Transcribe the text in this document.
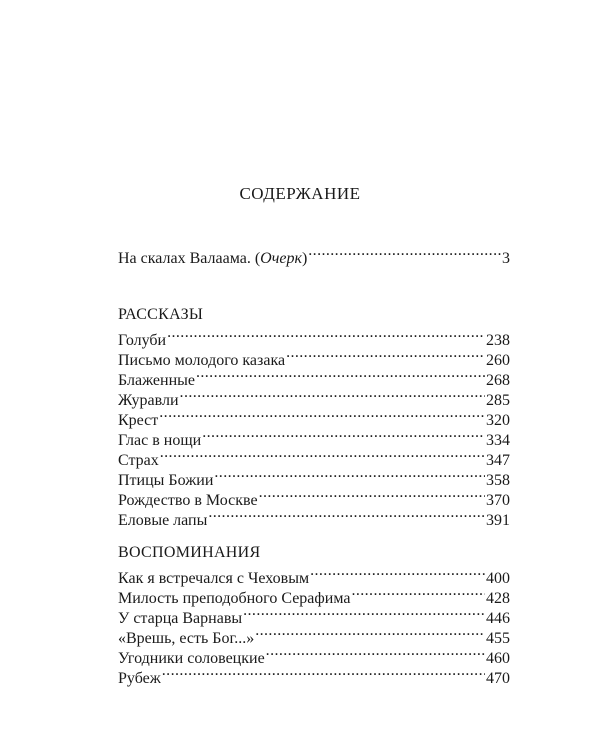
СОДЕРЖАНИЕ
На скалах Валаама. (Очерк) .....	3
РАССКАЗЫ
Голуби .....	238
Письмо молодого казака .....	260
Блаженные .....	268
Журавли .....	285
Крест .....	320
Глас в нощи .....	334
Страх .....	347
Птицы Божии .....	358
Рождество в Москве .....	370
Еловые лапы .....	391
ВОСПОМИНАНИЯ
Как я встречался с Чеховым .....	400
Милость преподобного Серафима .....	428
У старца Варнавы .....	446
«Врешь, есть Бог...» .....	455
Угодники соловецкие .....	460
Рубеж .....	470
